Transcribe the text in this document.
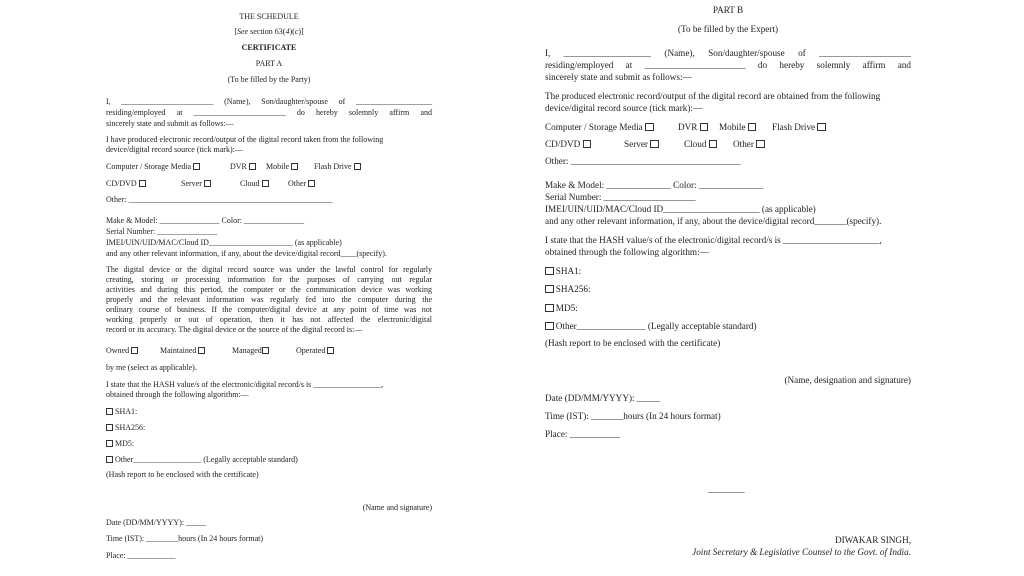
THE SCHEDULE
[See section 63(4)(c)]
CERTIFICATE
PART A
(To be filled by the Party)
I, _______________________ (Name), Son/daughter/spouse of ___________________
residing/employed at _______________________ do hereby solemnly affirm and
sincerely state and submit as follows:—
I have produced electronic record/output of the digital record taken from the following
device/digital record source (tick mark):—
Computer / Storage Media	DVR	Mobile	Flash Drive
CD/DVD	Server	Cloud	Other
Other: ___________________________________________________
Make & Model: _______________ Color: _______________
Serial Number: _______________
IMEI/UIN/UID/MAC/Cloud ID_____________________ (as applicable)
and any other relevant information, if any, about the device/digital record____(specify).
The digital device or the digital record source was under the lawful control for regularly
creating, storing or processing information for the purposes of carrying out regular
activities and during this period, the computer or the communication device was working
properly and the relevant information was regularly fed into the computer during the
ordinary course of business. If the computer/digital device at any point of time was not
working properly or out of operation, then it has not affected the electronic/digital
record or its accuracy. The digital device or the source of the digital record is:—
Owned	Maintained	Managed	Operated
by me (select as applicable).
I state that the HASH value/s of the electronic/digital record/s is _________________,
obtained through the following algorithm:—
SHA1:
SHA256:
MD5:
Other_________________ (Legally acceptable standard)
(Hash report to be enclosed with the certificate)
(Name and signature)
Date (DD/MM/YYYY): _____
Time (IST): ________hours (In 24 hours format)
Place: ____________
PART B
(To be filled by the Expert)
I, ___________________ (Name), Son/daughter/spouse of ____________________
residing/employed at ______________________ do hereby solemnly affirm and
sincerely state and submit as follows:—
The produced electronic record/output of the digital record are obtained from the following
device/digital record source (tick mark):—
Computer / Storage Media	DVR	Mobile	Flash Drive
CD/DVD	Server	Cloud	Other
Other: _____________________________________
Make & Model: ______________ Color: ______________
Serial Number: ____________________
IMEI/UIN/UID/MAC/Cloud ID_____________________ (as applicable)
and any other relevant information, if any, about the device/digital record_______(specify).
I state that the HASH value/s of the electronic/digital record/s is _____________________,
obtained through the following algorithm:—
SHA1:
SHA256:
MD5:
Other_______________ (Legally acceptable standard)
(Hash report to be enclosed with the certificate)
(Name, designation and signature)
Date (DD/MM/YYYY): _____
Time (IST): _______hours (In 24 hours format)
Place: ___________
________
DIWAKAR SINGH,
Joint Secretary & Legislative Counsel to the Govt. of India.
